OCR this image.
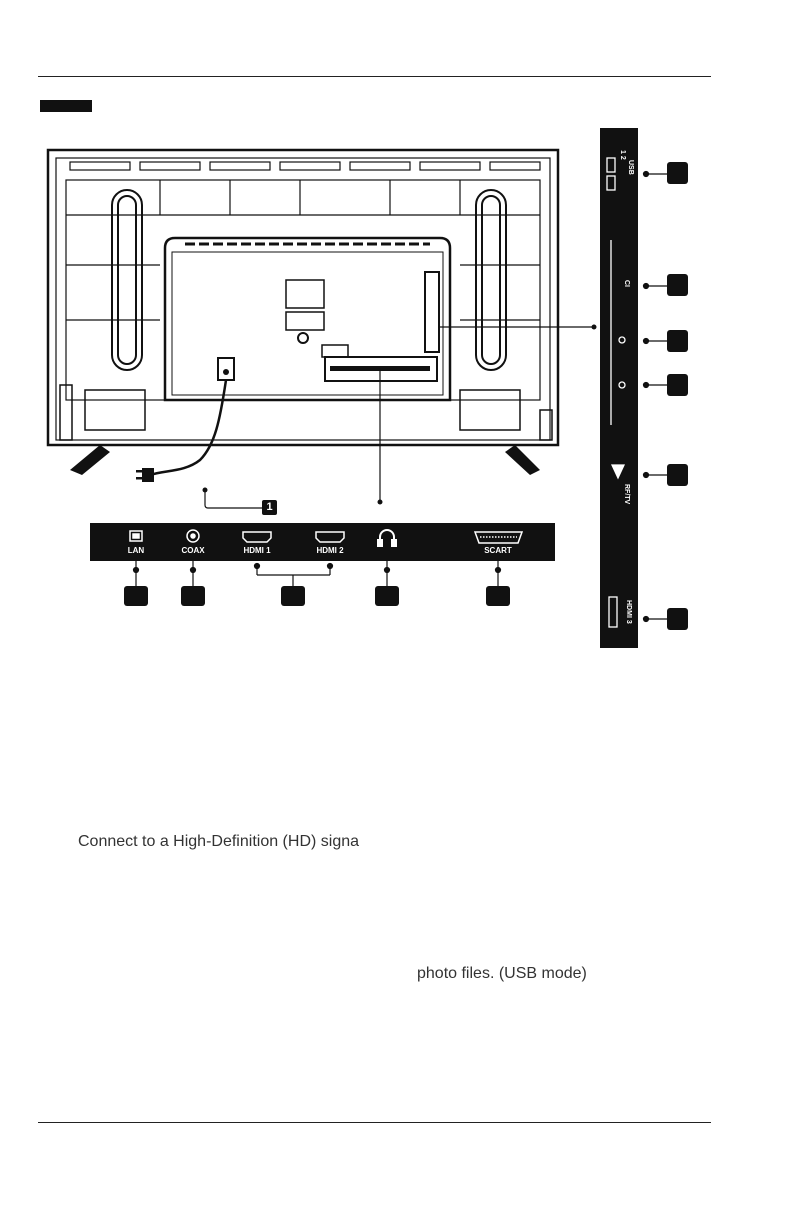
1
LAN	COAX	HDMI 1	HDMI 2	SCART
1 2
USB 5V 500mA
CI
RF/TV
HDMI 3
Connect to a High-Definition (HD) signa
photo files. (USB mode)
